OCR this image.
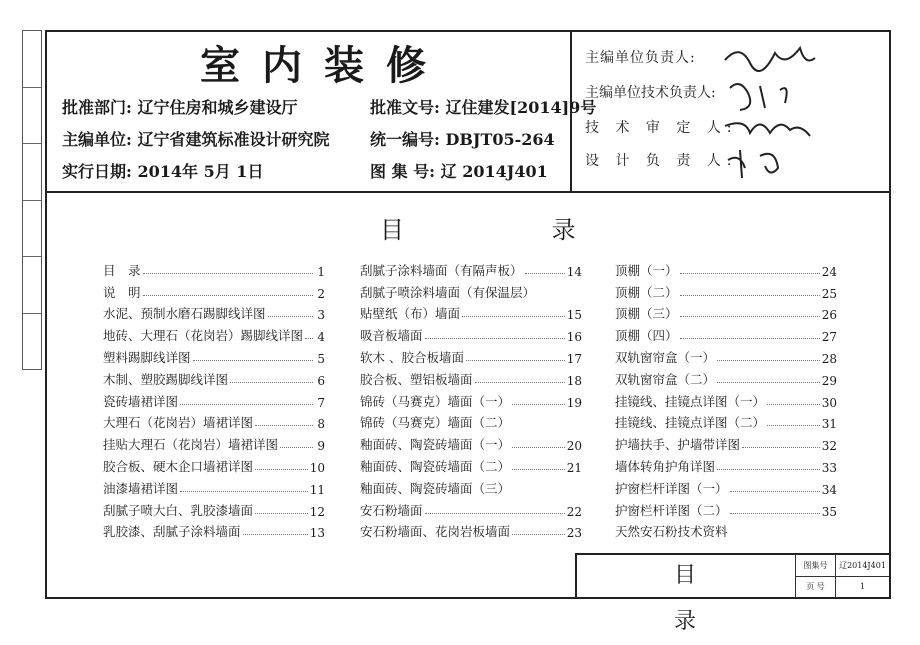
室内装修
批准部门: 辽宁住房和城乡建设厅
主编单位: 辽宁省建筑标准设计研究院
实行日期: 2014年 5月 1日
批准文号: 辽住建发[2014]9号
统一编号: DBJT05-264
图 集 号: 辽 2014J401
主编单位负责人:
主编单位技术负责人:
技 术 审 定 人:
设 计 负 责 人:
目 录
目　录	1
说　明	2
水泥、预制水磨石踢脚线详图	3
地砖、大理石（花岗岩）踢脚线详图 4
塑料踢脚线详图	5
木制、塑胶踢脚线详图	6
瓷砖墙裙详图	7
大理石（花岗岩）墙裙详图	8
挂贴大理石（花岗岩）墙裙详图	9
胶合板、硬木企口墙裙详图	10
油漆墙裙详图	11
刮腻子喷大白、乳胶漆墙面	12
乳胶漆、刮腻子涂料墙面	13
刮腻子涂料墙面（有隔声板）	14
刮腻子喷涂料墙面（有保温层）
贴壁纸（布）墙面	15
吸音板墙面	16
软木 、胶合板墙面	17
胶合板、塑铝板墙面	18
锦砖（马赛克）墙面（一）	19
锦砖（马赛克）墙面（二）
釉面砖、陶瓷砖墙面（一）	20
釉面砖、陶瓷砖墙面（二）	21
釉面砖、陶瓷砖墙面（三）
安石粉墙面	22
安石粉墙面、花岗岩板墙面	23
顶棚（一）	24
顶棚（二）	25
顶棚（三）	26
顶棚（四）	27
双轨窗帘盒（一）	28
双轨窗帘盒（二）	29
挂镜线、挂镜点详图（一）	30
挂镜线、挂镜点详图（二）	31
护墙扶手、护墙带详图	32
墙体转角护角详图	33
护窗栏杆详图（一）	34
护窗栏杆详图（二）	35
天然安石粉技术资料
目 录
图集号	辽2014J401
页 号	1
